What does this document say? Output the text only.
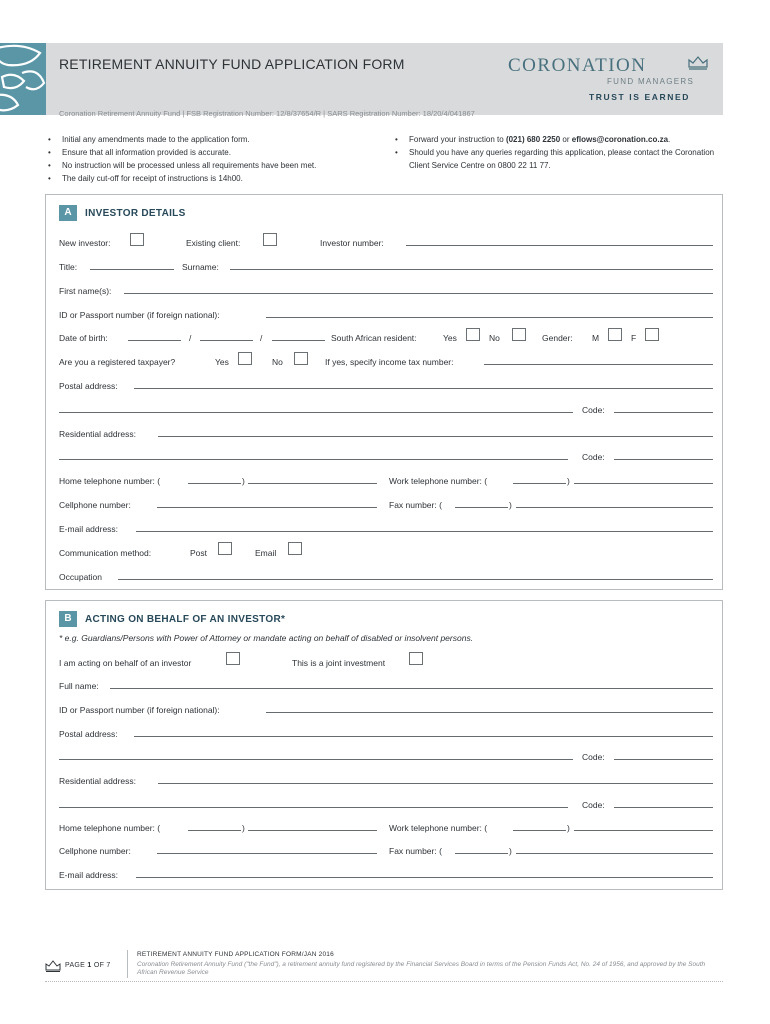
RETIREMENT ANNUITY FUND APPLICATION FORM	CORONATION
FUND MANAGERS
TRUST IS EARNED
Coronation Retirement Annuity Fund | FSB Registration Number: 12/8/37654/R | SARS Registration Number: 18/20/4/041867
• Initial any amendments made to the application form.
• Ensure that all information provided is accurate.
• No instruction will be processed unless all requirements have been met.
• The daily cut-off for receipt of instructions is 14h00.
• Forward your instruction to (021) 680 2250 or eflows@coronation.co.za.
• Should you have any queries regarding this application, please contact the Coronation Client Service Centre on 0800 22 11 77.
A	INVESTOR DETAILS
New investor:	Existing client:	Investor number:
Title:	Surname:
First name(s):
ID or Passport number (if foreign national):
Date of birth:	/	/	South African resident:	Yes	No	Gender: M	F
Are you a registered taxpayer?	Yes	No	If yes, specify income tax number:
Postal address:
Code:
Residential address:
Code:
Home telephone number: (	)	Work telephone number: (	)
Cellphone number:	Fax number: (	)
E-mail address:
Communication method:	Post	Email
Occupation
B	ACTING ON BEHALF OF AN INVESTOR*
* e.g. Guardians/Persons with Power of Attorney or mandate acting on behalf of disabled or insolvent persons.
I am acting on behalf of an investor	This is a joint investment
Full name:
ID or Passport number (if foreign national):
Postal address:
Code:
Residential address:
Code:
Home telephone number: (	)	Work telephone number: (	)
Cellphone number:	Fax number: (	)
E-mail address:
PAGE 1 OF 7
RETIREMENT ANNUITY FUND APPLICATION FORM/JAN 2016
Coronation Retirement Annuity Fund ("the Fund"), a retirement annuity fund registered by the Financial Services Board in terms of the Pension Funds Act, No. 24 of 1956, and approved by the South African Revenue Service
